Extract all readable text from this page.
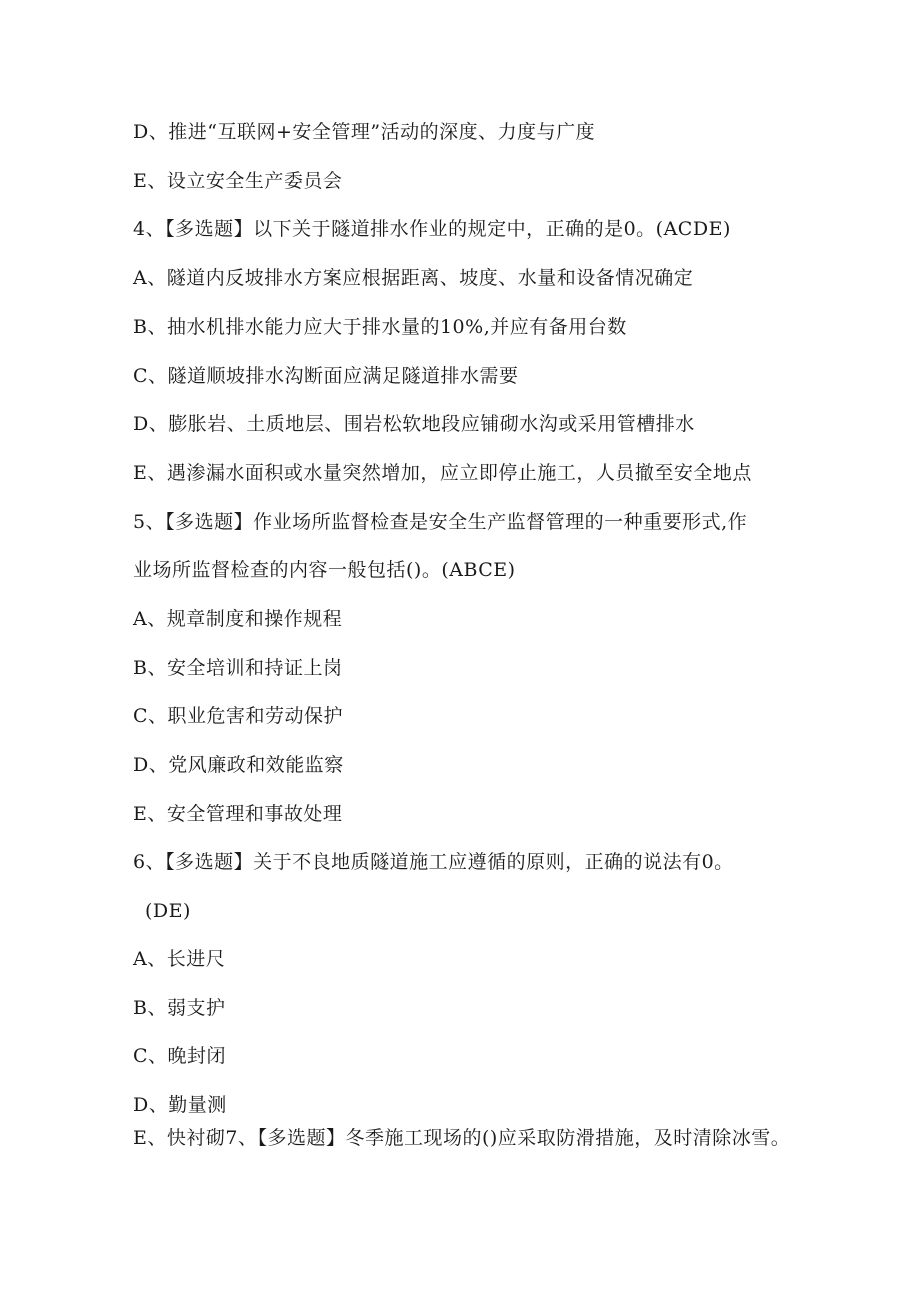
D、推进“互联网+安全管理”活动的深度、力度与广度
E、设立安全生产委员会
4、【多选题】以下关于隧道排水作业的规定中，正确的是0。(ACDE)
A、隧道内反坡排水方案应根据距离、坡度、水量和设备情况确定
B、抽水机排水能力应大于排水量的10%,并应有备用台数
C、隧道顺坡排水沟断面应满足隧道排水需要
D、膨胀岩、土质地层、围岩松软地段应铺砌水沟或采用管槽排水
E、遇渗漏水面积或水量突然增加，应立即停止施工，人员撤至安全地点
5、【多选题】作业场所监督检查是安全生产监督管理的一种重要形式,作
业场所监督检查的内容一般包括()。(ABCE)
A、规章制度和操作规程
B、安全培训和持证上岗
C、职业危害和劳动保护
D、党风廉政和效能监察
E、安全管理和事故处理
6、【多选题】关于不良地质隧道施工应遵循的原则，正确的说法有0。
(DE)
A、长进尺
B、弱支护
C、晚封闭
D、勤量测
E、快衬砌7、【多选题】冬季施工现场的()应采取防滑措施，及时清除冰雪。
